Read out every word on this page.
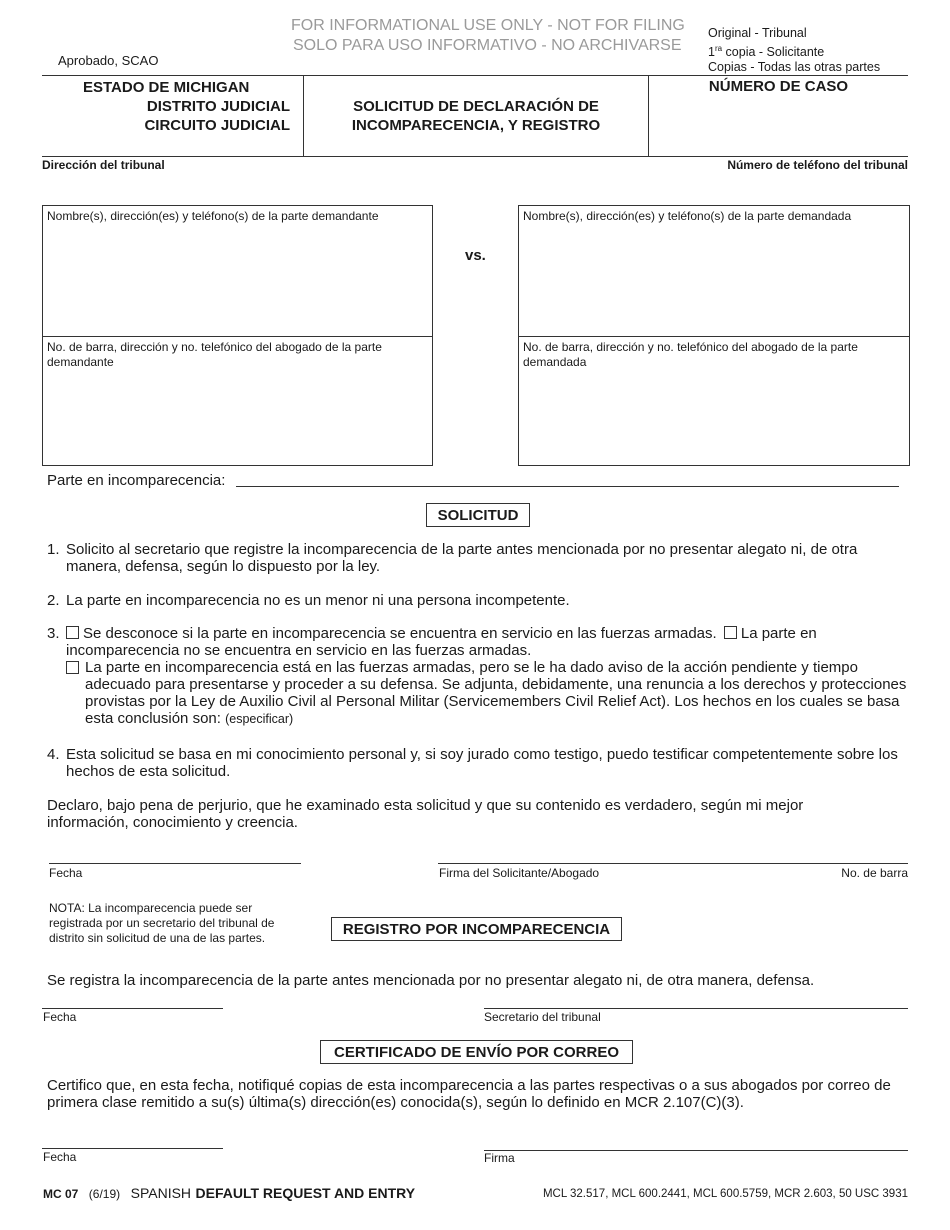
FOR INFORMATIONAL USE ONLY - NOT FOR FILING
SOLO PARA USO INFORMATIVO - NO ARCHIVARSE
Aprobado, SCAO
Original - Tribunal
$1^{ra}$ copia - Solicitante
Copias - Todas las otras partes
ESTADO DE MICHIGAN
DISTRITO JUDICIAL
CIRCUITO JUDICIAL
SOLICITUD DE DECLARACIÓN DE
INCOMPARECENCIA, Y REGISTRO
NÚMERO DE CASO
Dirección del tribunal	Número de teléfono del tribunal
Nombre(s), dirección(es) y teléfono(s) de la parte demandante
No. de barra, dirección y no. telefónico del abogado de la parte demandante
vs.
Nombre(s), dirección(es) y teléfono(s) de la parte demandada
No. de barra, dirección y no. telefónico del abogado de la parte demandada
Parte en incomparecencia:
SOLICITUD
1. Solicito al secretario que registre la incomparecencia de la parte antes mencionada por no presentar alegato ni, de otra manera, defensa, según lo dispuesto por la ley.
2. La parte en incomparecencia no es un menor ni una persona incompetente.
3.	Se desconoce si la parte en incomparecencia se encuentra en servicio en las fuerzas armadas. La parte en incomparecencia no se encuentra en servicio en las fuerzas armadas.
La parte en incomparecencia está en las fuerzas armadas, pero se le ha dado aviso de la acción pendiente y tiempo adecuado para presentarse y proceder a su defensa. Se adjunta, debidamente, una renuncia a los derechos y protecciones provistas por la Ley de Auxilio Civil al Personal Militar (Servicemembers Civil Relief Act). Los hechos en los cuales se basa esta conclusión son: (especificar)
4. Esta solicitud se basa en mi conocimiento personal y, si soy jurado como testigo, puedo testificar competentemente sobre los hechos de esta solicitud.
Declaro, bajo pena de perjurio, que he examinado esta solicitud y que su contenido es verdadero, según mi mejor información, conocimiento y creencia.
Fecha	Firma del Solicitante/Abogado	No. de barra
NOTA: La incomparecencia puede ser registrada por un secretario del tribunal de distrito sin solicitud de una de las partes.	REGISTRO POR INCOMPARECENCIA
Se registra la incomparecencia de la parte antes mencionada por no presentar alegato ni, de otra manera, defensa.
Fecha	Secretario del tribunal
CERTIFICADO DE ENVÍO POR CORREO
Certifico que, en esta fecha, notifiqué copias de esta incomparecencia a las partes respectivas o a sus abogados por correo de primera clase remitido a su(s) última(s) dirección(es) conocida(s), según lo definido en MCR 2.107(C)(3).
Fecha	Firma
MC 07 (6/19) SPANISH DEFAULT REQUEST AND ENTRY	MCL 32.517, MCL 600.2441, MCL 600.5759, MCR 2.603, 50 USC 3931
